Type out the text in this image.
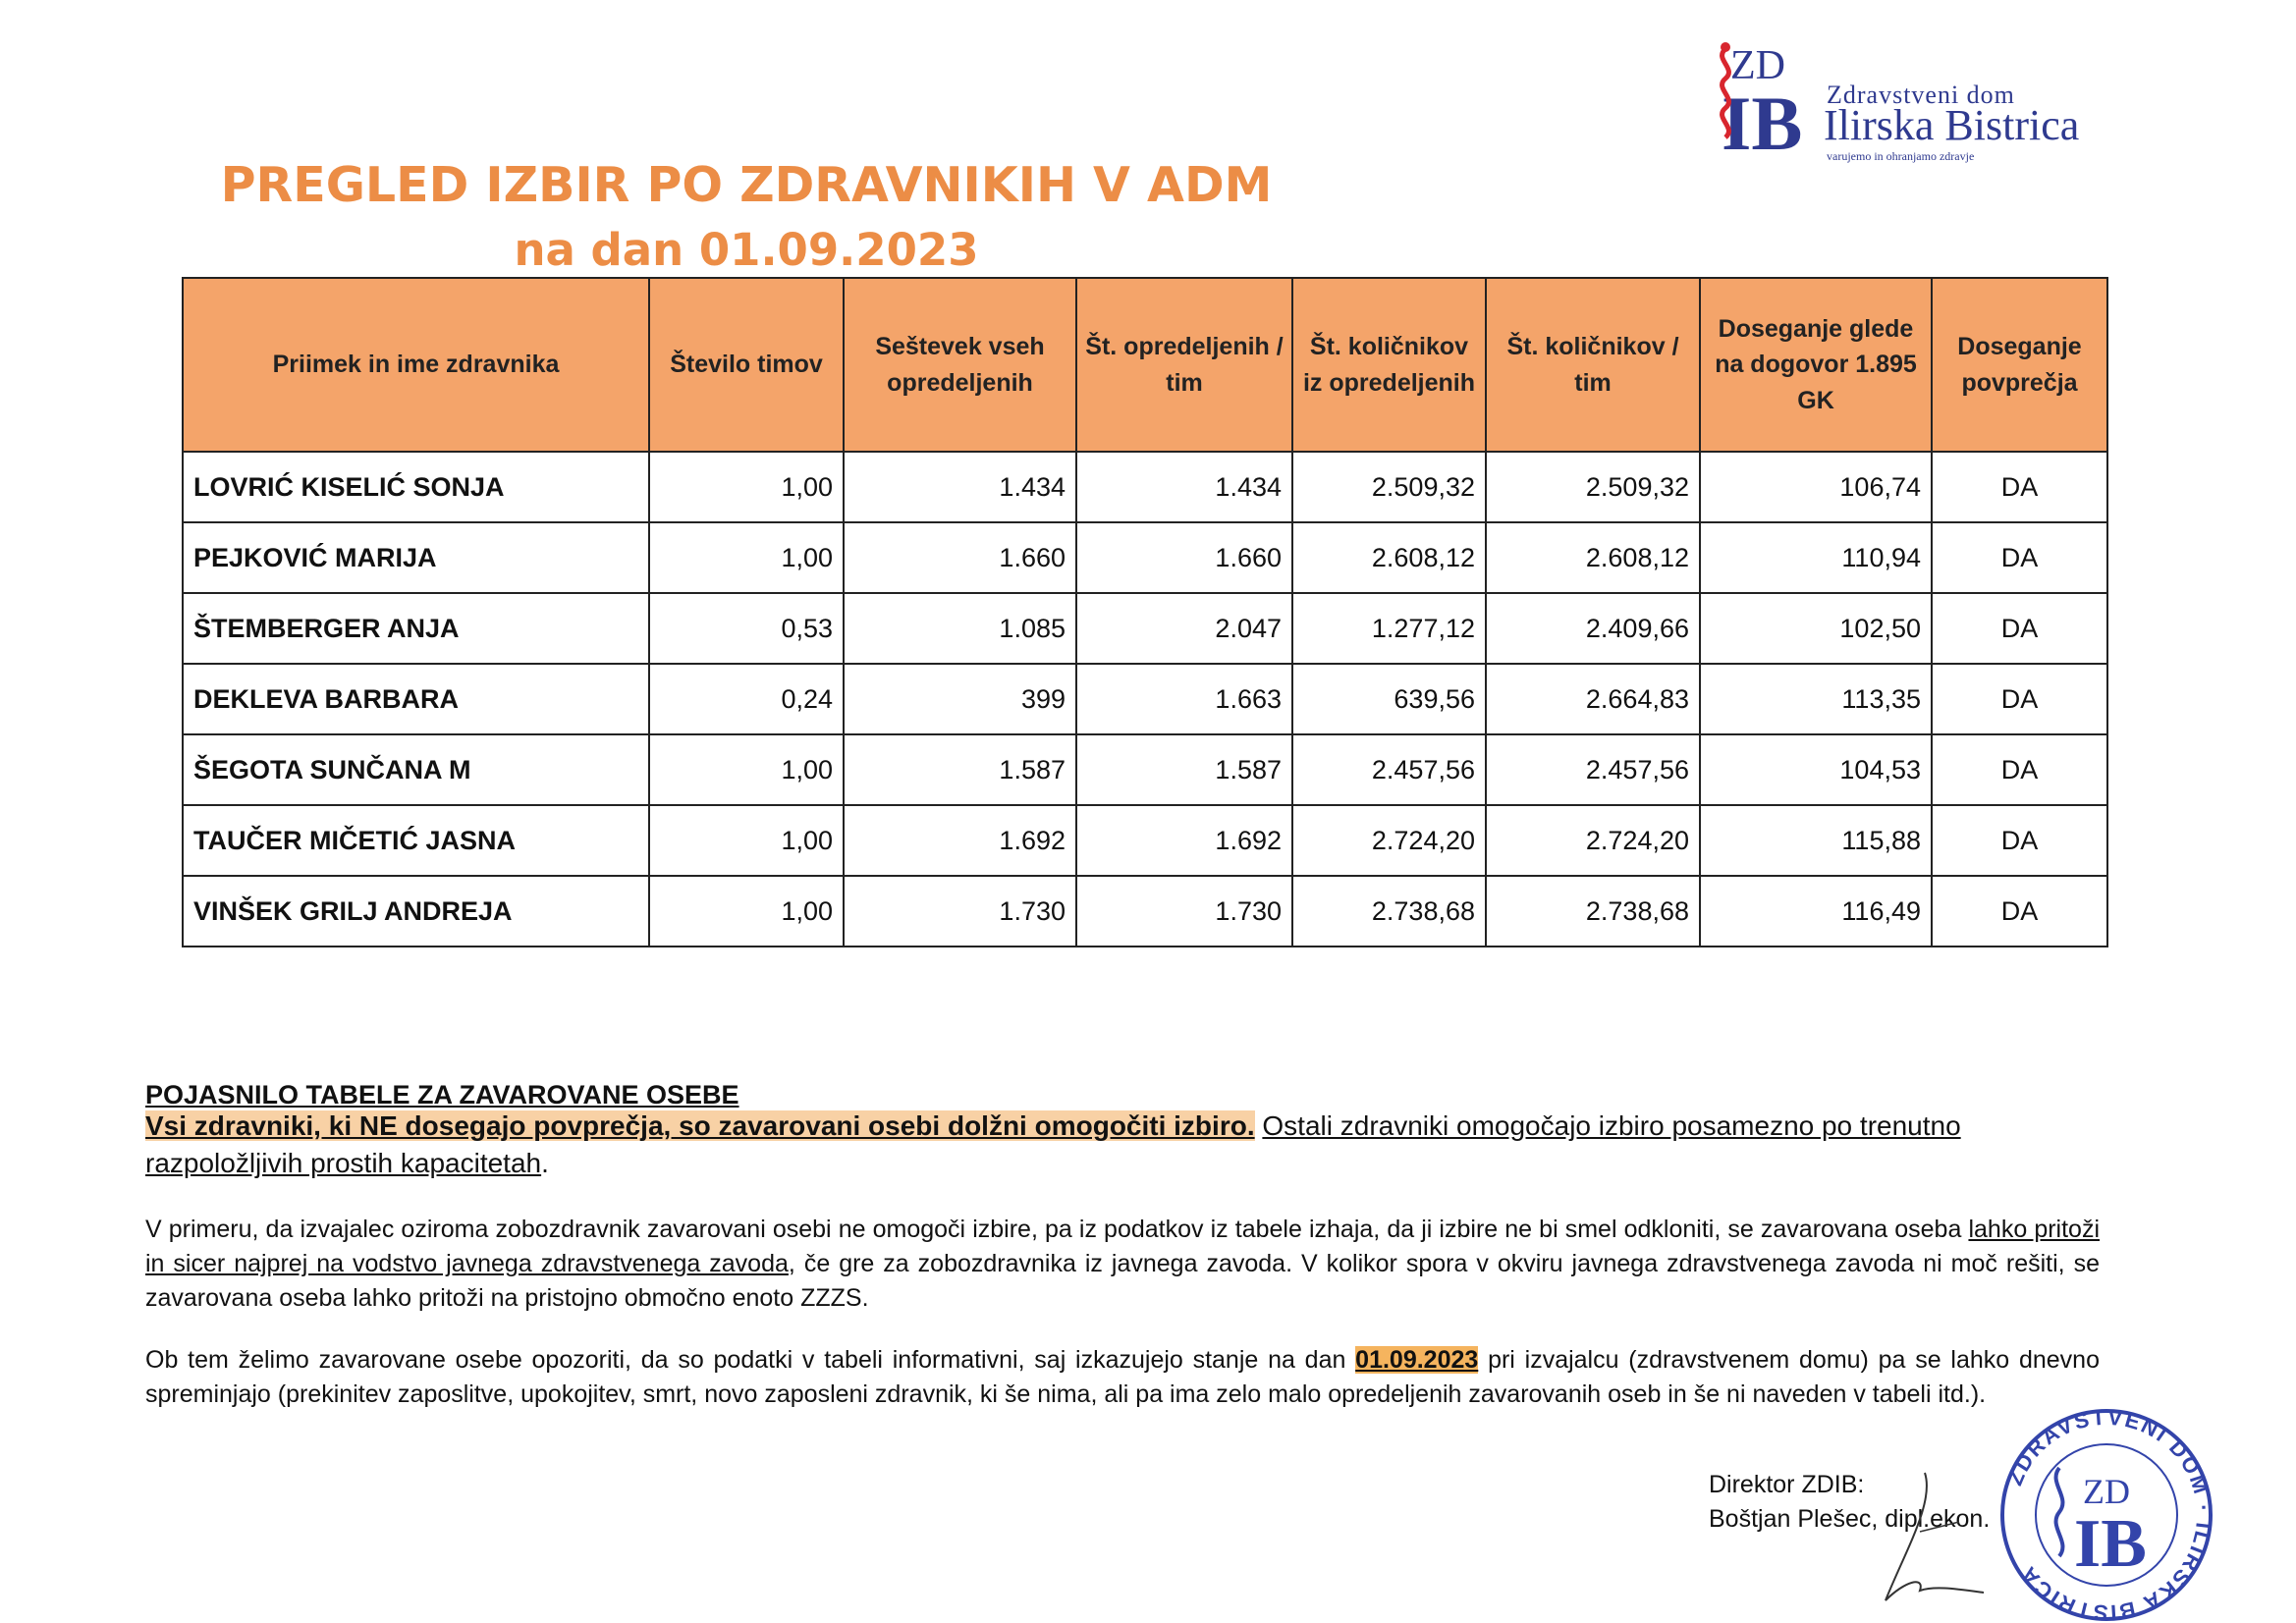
ZD
IB Zdravstveni dom
Ilirska Bistrica
varujemo in ohranjamo zdravje
PREGLED IZBIR PO ZDRAVNIKIH V ADM
na dan 01.09.2023
Priimek in ime zdravnika	Število timov	Seštevek vseh opredeljenih	Št. opredeljenih / tim	Št. količnikov iz opredeljenih	Št. količnikov / tim	Doseganje glede na dogovor 1.895 GK	Doseganje povprečja
LOVRIĆ KISELIĆ SONJA	1,00	1.434	1.434	2.509,32	2.509,32	106,74	DA
PEJKOVIĆ MARIJA	1,00	1.660	1.660	2.608,12	2.608,12	110,94	DA
ŠTEMBERGER ANJA	0,53	1.085	2.047	1.277,12	2.409,66	102,50	DA
DEKLEVA BARBARA	0,24	399	1.663	639,56	2.664,83	113,35	DA
ŠEGOTA SUNČANA M	1,00	1.587	1.587	2.457,56	2.457,56	104,53	DA
TAUČER MIČETIĆ JASNA	1,00	1.692	1.692	2.724,20	2.724,20	115,88	DA
VINŠEK GRILJ ANDREJA	1,00	1.730	1.730	2.738,68	2.738,68	116,49	DA
POJASNILO TABELE ZA ZAVAROVANE OSEBE
Vsi zdravniki, ki NE dosegajo povprečja, so zavarovani osebi dolžni omogočiti izbiro. Ostali zdravniki omogočajo izbiro posamezno po trenutno razpoložljivih prostih kapacitetah.
V primeru, da izvajalec oziroma zobozdravnik zavarovani osebi ne omogoči izbire, pa iz podatkov iz tabele izhaja, da ji izbire ne bi smel odkloniti, se zavarovana oseba lahko pritoži in sicer najprej na vodstvo javnega zdravstvenega zavoda, če gre za zobozdravnika iz javnega zavoda. V kolikor spora v okviru javnega zdravstvenega zavoda ni moč rešiti, se zavarovana oseba lahko pritoži na pristojno območno enoto ZZZS.
Ob tem želimo zavarovane osebe opozoriti, da so podatki v tabeli informativni, saj izkazujejo stanje na dan 01.09.2023 pri izvajalcu (zdravstvenem domu) pa se lahko dnevno spreminjajo (prekinitev zaposlitve, upokojitev, smrt, novo zaposleni zdravnik, ki še nima, ali pa ima zelo malo opredeljenih zavarovanih oseb in še ni naveden v tabeli itd.).
Direktor ZDIB:
Boštjan Plešec, dipl.ekon.
ZDRAVSTVENI DOM · ILIRSKA BISTRICA
ZD
IB
